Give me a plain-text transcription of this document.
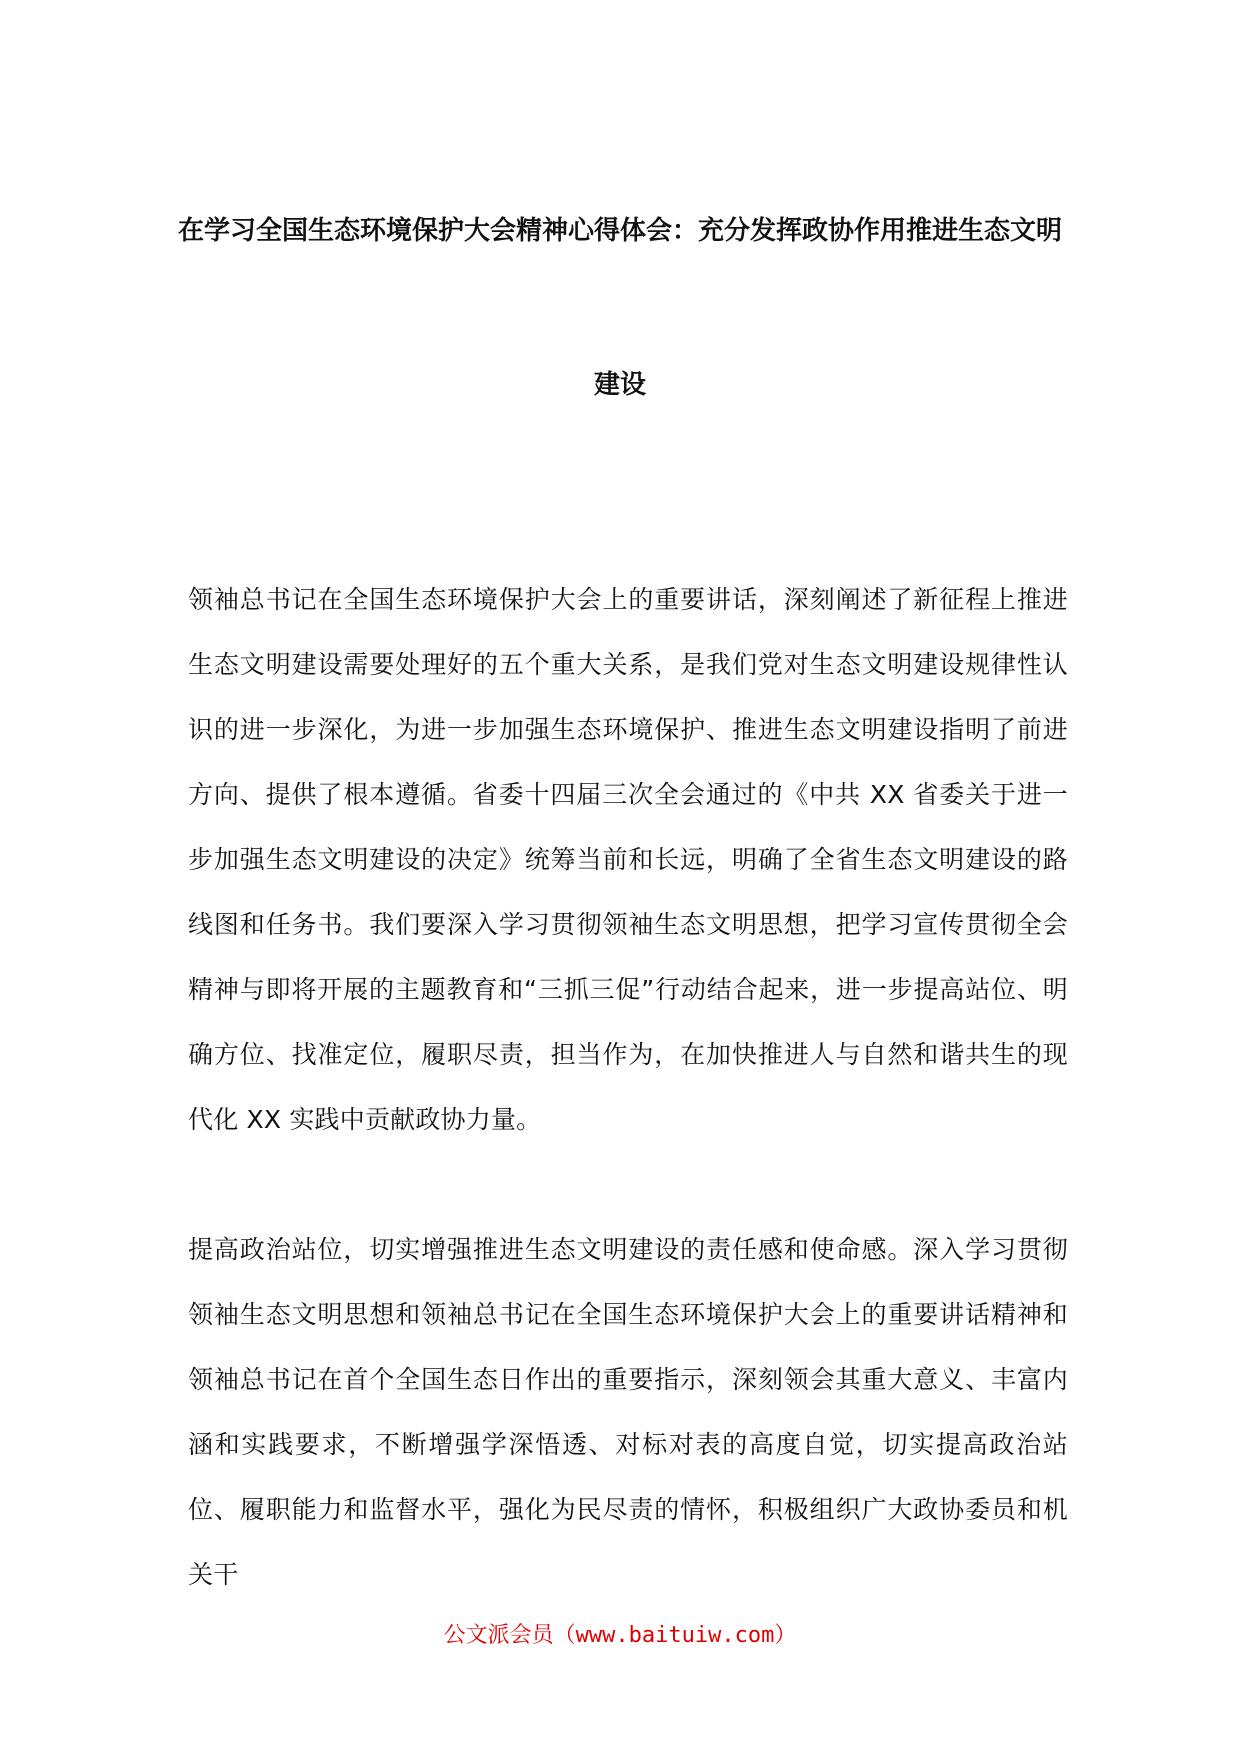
在学习全国生态环境保护大会精神心得体会：充分发挥政协作用推进生态文明
建设

领袖总书记在全国生态环境保护大会上的重要讲话，深刻阐述了新征程上推进生态文明建设需要处理好的五个重大关系，是我们党对生态文明建设规律性认识的进一步深化，为进一步加强生态环境保护、推进生态文明建设指明了前进方向、提供了根本遵循。省委十四届三次全会通过的《中共 XX 省委关于进一步加强生态文明建设的决定》统筹当前和长远，明确了全省生态文明建设的路线图和任务书。我们要深入学习贯彻领袖生态文明思想，把学习宣传贯彻全会精神与即将开展的主题教育和“三抓三促”行动结合起来，进一步提高站位、明确方位、找准定位，履职尽责，担当作为，在加快推进人与自然和谐共生的现代化 XX 实践中贡献政协力量。

提高政治站位，切实增强推进生态文明建设的责任感和使命感。深入学习贯彻领袖生态文明思想和领袖总书记在全国生态环境保护大会上的重要讲话精神和领袖总书记在首个全国生态日作出的重要指示，深刻领会其重大意义、丰富内涵和实践要求，不断增强学深悟透、对标对表的高度自觉，切实提高政治站位、履职能力和监督水平，强化为民尽责的情怀，积极组织广大政协委员和机关干

公文派会员（www.baituiw.com）
